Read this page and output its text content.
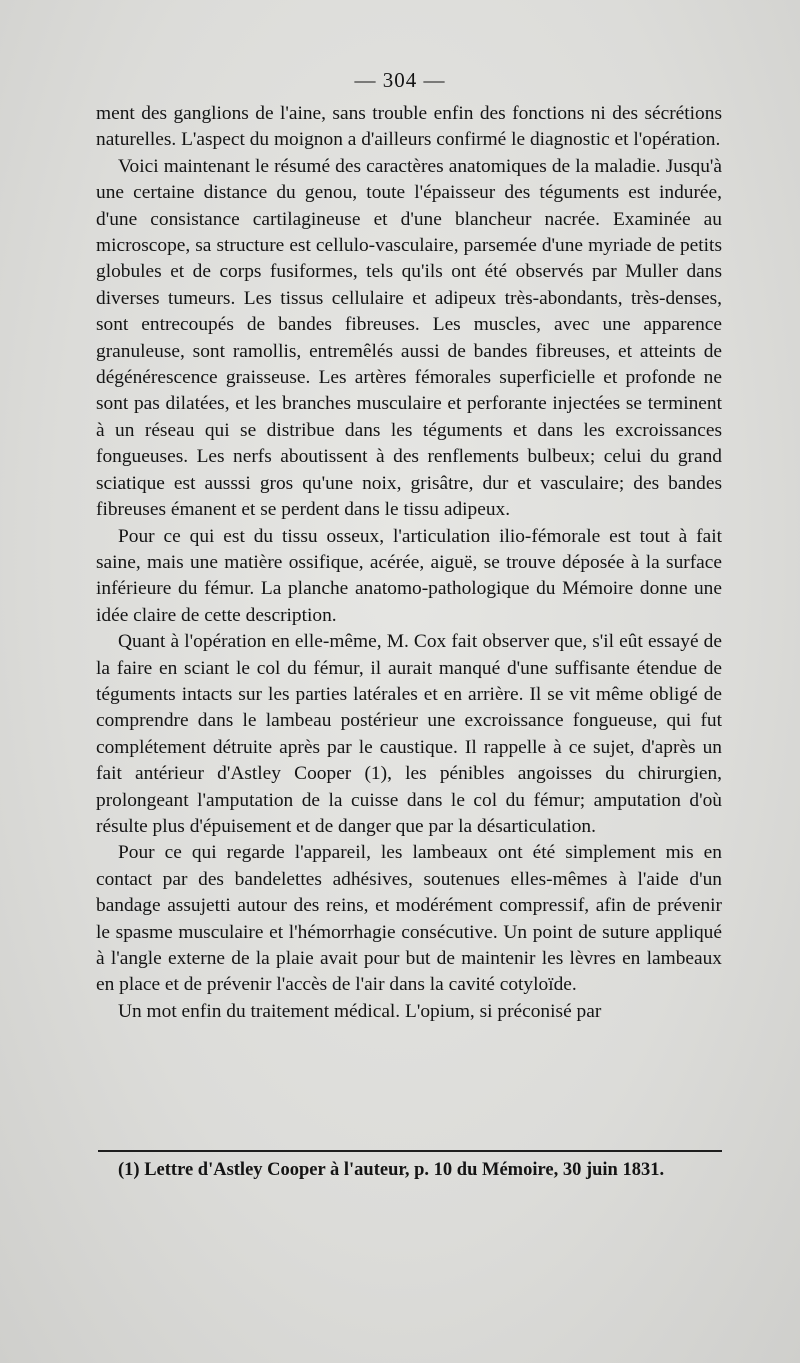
— 304 —

ment des ganglions de l'aine, sans trouble enfin des fonctions ni des sécrétions naturelles. L'aspect du moignon a d'ailleurs confirmé le diagnostic et l'opération.

Voici maintenant le résumé des caractères anatomiques de la maladie. Jusqu'à une certaine distance du genou, toute l'épaisseur des téguments est indurée, d'une consistance cartilagineuse et d'une blancheur nacrée. Examinée au microscope, sa structure est cellulo-vasculaire, parsemée d'une myriade de petits globules et de corps fusiformes, tels qu'ils ont été observés par Muller dans diverses tumeurs. Les tissus cellulaire et adipeux très-abondants, très-denses, sont entrecoupés de bandes fibreuses. Les muscles, avec une apparence granuleuse, sont ramollis, entremêlés aussi de bandes fibreuses, et atteints de dégénérescence graisseuse. Les artères fémorales superficielle et profonde ne sont pas dilatées, et les branches musculaire et perforante injectées se terminent à un réseau qui se distribue dans les téguments et dans les excroissances fongueuses. Les nerfs aboutissent à des renflements bulbeux; celui du grand sciatique est ausssi gros qu'une noix, grisâtre, dur et vasculaire; des bandes fibreuses émanent et se perdent dans le tissu adipeux.

Pour ce qui est du tissu osseux, l'articulation ilio-fémorale est tout à fait saine, mais une matière ossifique, acérée, aiguë, se trouve déposée à la surface inférieure du fémur. La planche anatomo-pathologique du Mémoire donne une idée claire de cette description.

Quant à l'opération en elle-même, M. Cox fait observer que, s'il eût essayé de la faire en sciant le col du fémur, il aurait manqué d'une suffisante étendue de téguments intacts sur les parties latérales et en arrière. Il se vit même obligé de comprendre dans le lambeau postérieur une excroissance fongueuse, qui fut complétement détruite après par le caustique. Il rappelle à ce sujet, d'après un fait antérieur d'Astley Cooper (1), les pénibles angoisses du chirurgien, prolongeant l'amputation de la cuisse dans le col du fémur; amputation d'où résulte plus d'épuisement et de danger que par la désarticulation.

Pour ce qui regarde l'appareil, les lambeaux ont été simplement mis en contact par des bandelettes adhésives, soutenues elles-mêmes à l'aide d'un bandage assujetti autour des reins, et modérément compressif, afin de prévenir le spasme musculaire et l'hémorrhagie consécutive. Un point de suture appliqué à l'angle externe de la plaie avait pour but de maintenir les lèvres en lambeaux en place et de prévenir l'accès de l'air dans la cavité cotyloïde.

Un mot enfin du traitement médical. L'opium, si préconisé par

(1) Lettre d'Astley Cooper à l'auteur, p. 10 du Mémoire, 30 juin 1831.
